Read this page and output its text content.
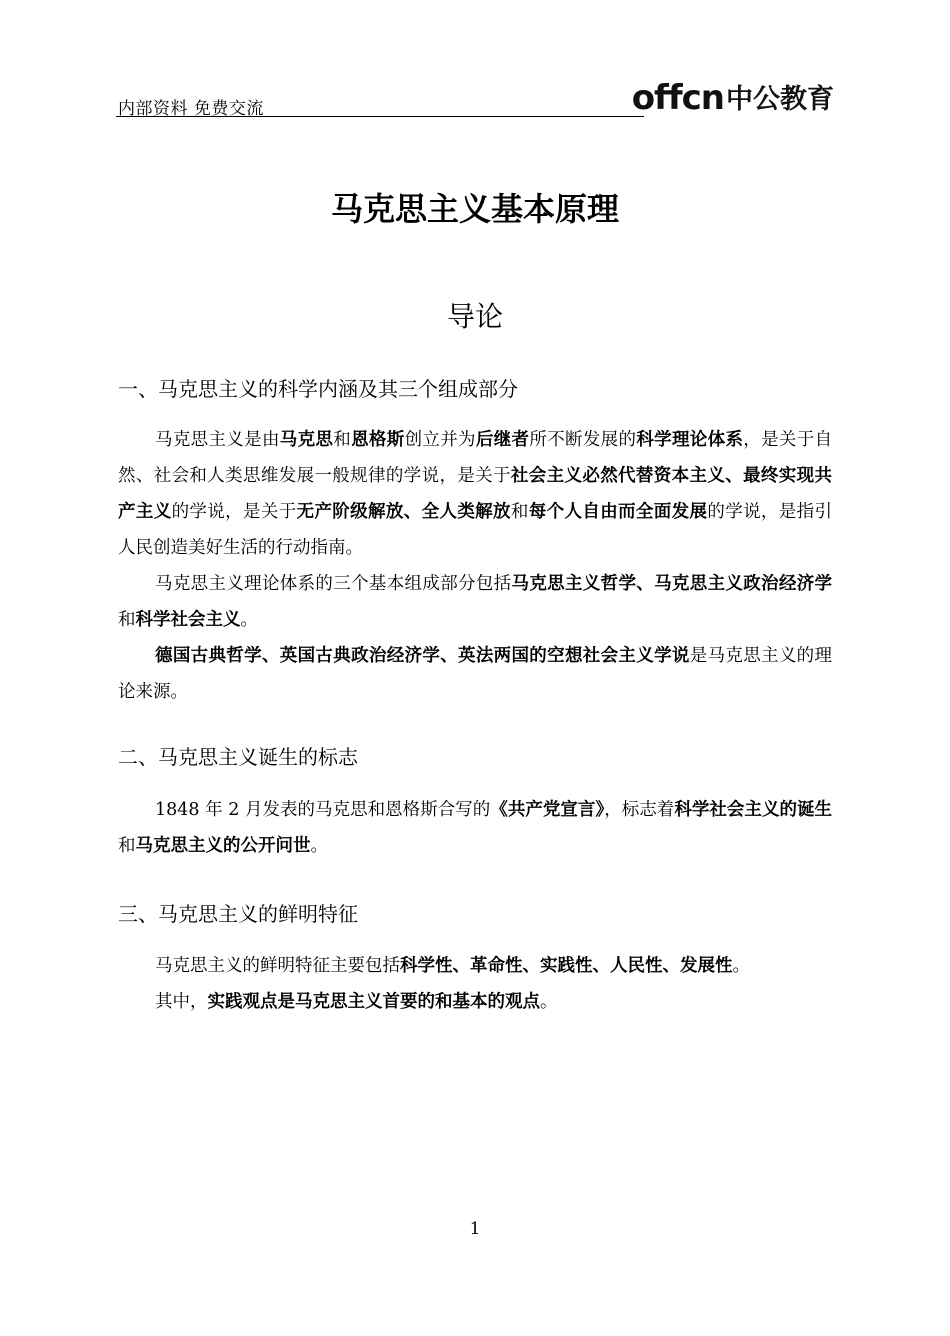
内部资料 免费交流	offcn 中公教育
马克思主义基本原理
导论
一、马克思主义的科学内涵及其三个组成部分
马克思主义是由马克思和恩格斯创立并为后继者所不断发展的科学理论体系，是关于自然、社会和人类思维发展一般规律的学说，是关于社会主义必然代替资本主义、最终实现共产主义的学说，是关于无产阶级解放、全人类解放和每个人自由而全面发展的学说，是指引人民创造美好生活的行动指南。
马克思主义理论体系的三个基本组成部分包括马克思主义哲学、马克思主义政治经济学和科学社会主义。
德国古典哲学、英国古典政治经济学、英法两国的空想社会主义学说是马克思主义的理论来源。
二、马克思主义诞生的标志
1848 年 2 月发表的马克思和恩格斯合写的《共产党宣言》，标志着科学社会主义的诞生和马克思主义的公开问世。
三、马克思主义的鲜明特征
马克思主义的鲜明特征主要包括科学性、革命性、实践性、人民性、发展性。
其中，实践观点是马克思主义首要的和基本的观点。
1
